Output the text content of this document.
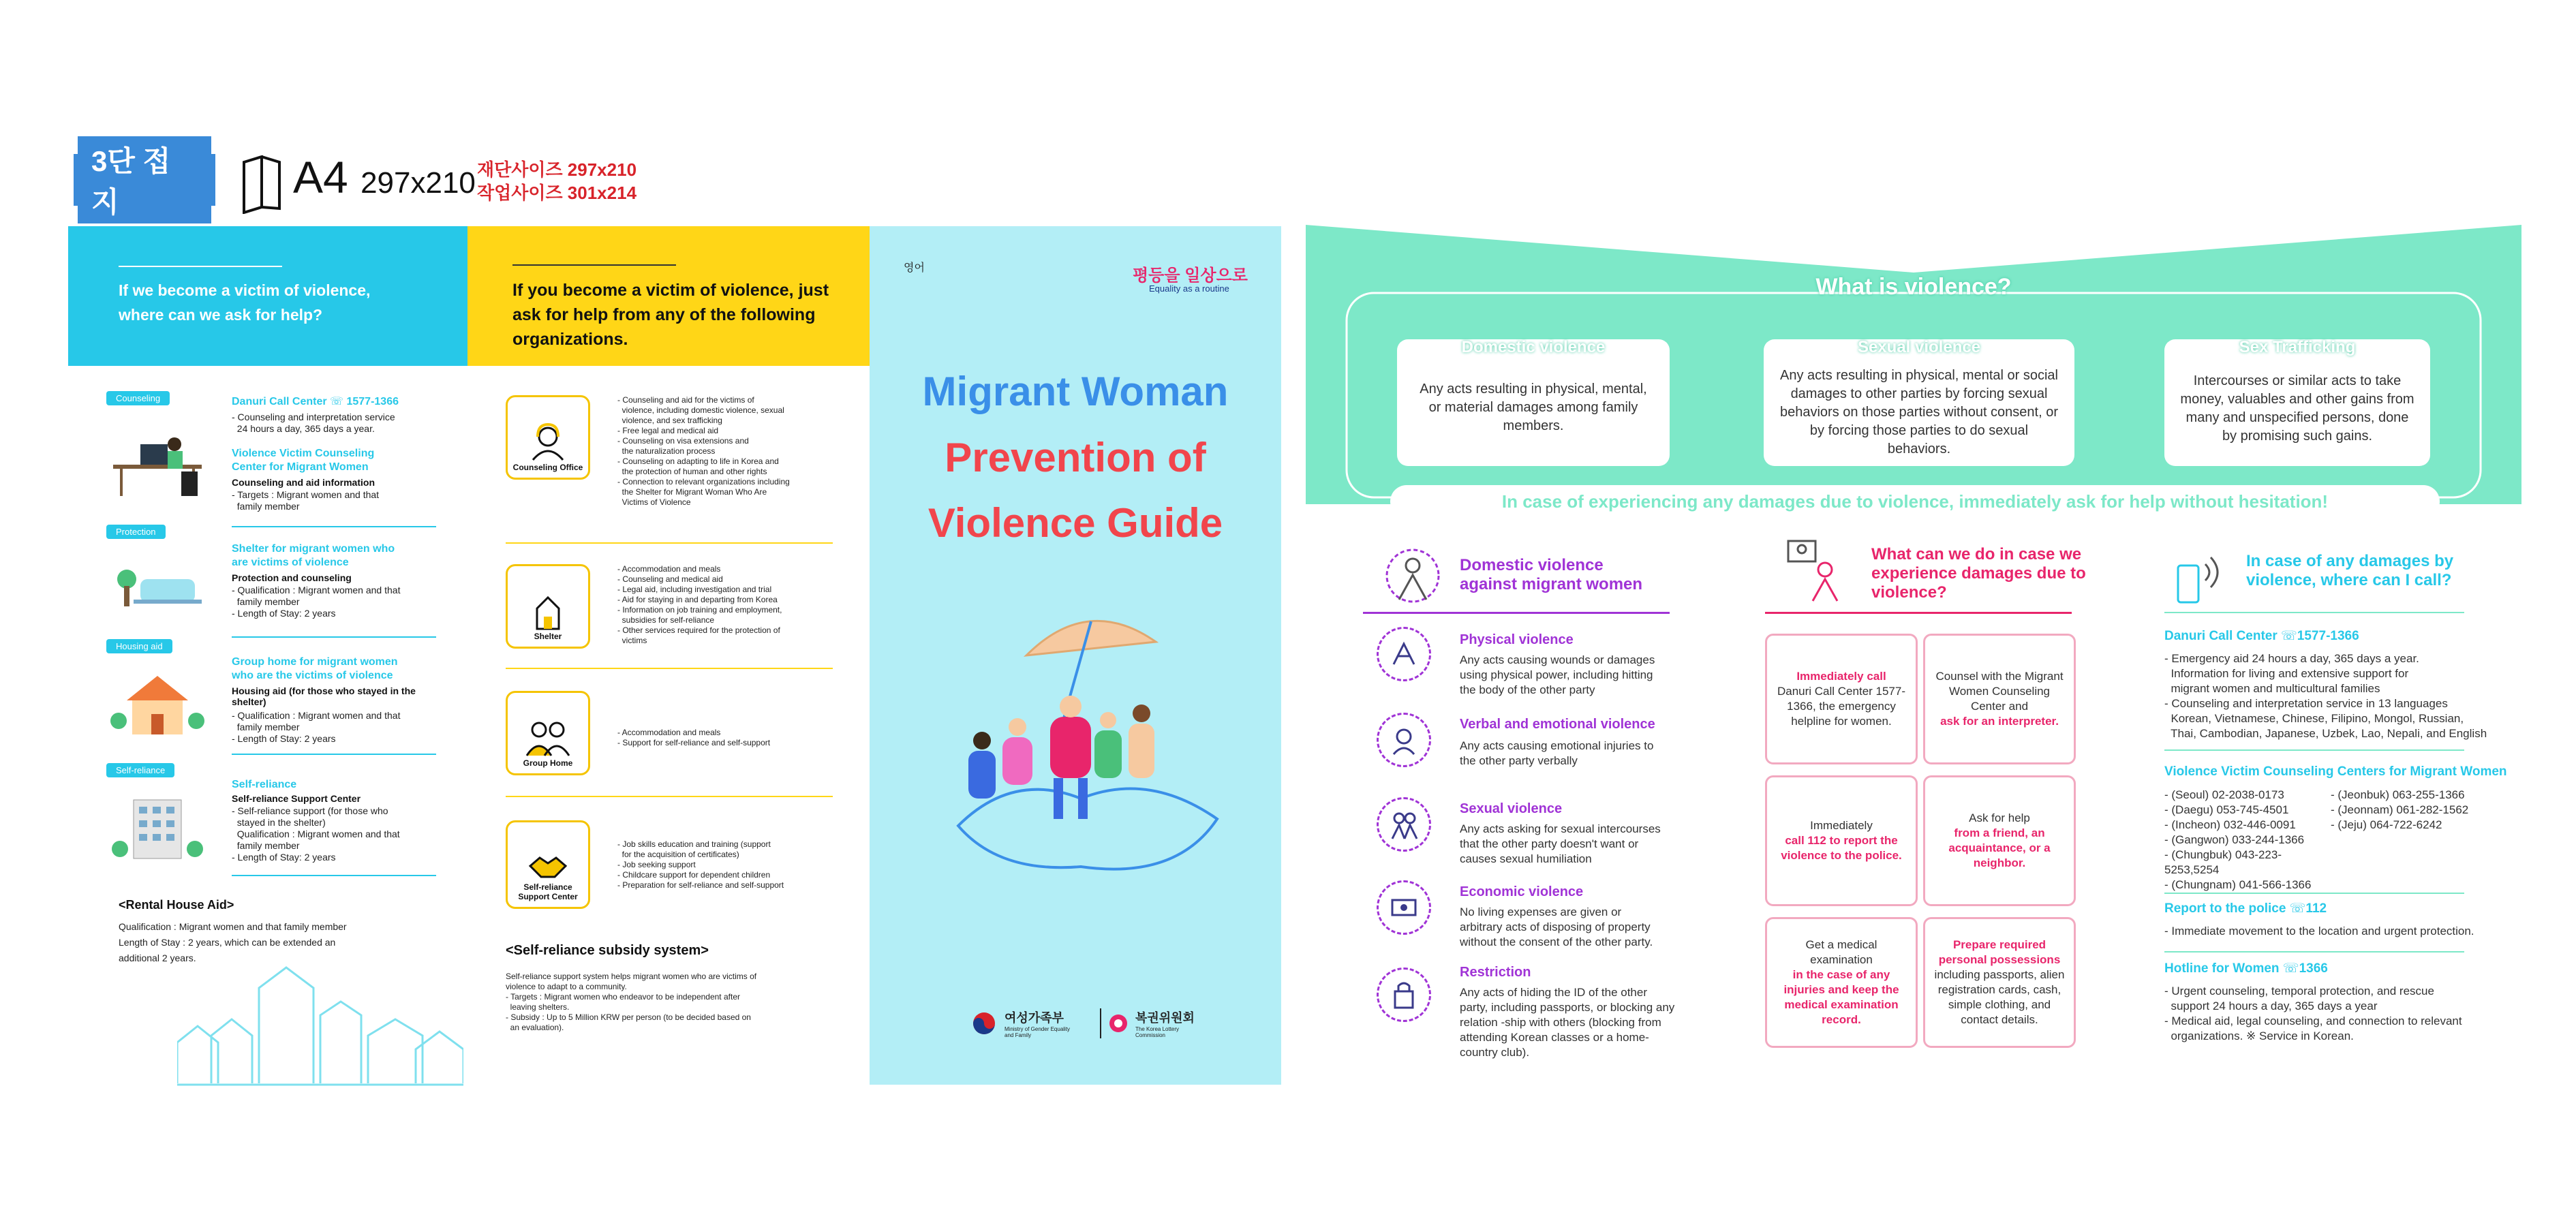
3단 접지	A4 297x210 재단사이즈 297x210
작업사이즈 301x214
If we become a victim of violence, where can we ask for help?
Counseling	Danuri Call Center ☏ 1577-1366
- Counseling and interpretation service
24 hours a day, 365 days a year.
Violence Victim Counseling Center for Migrant Women
Counseling and aid information
- Targets : Migrant women and that
family member
Protection
Shelter for migrant women who are victims of violence
Protection and counseling
- Qualification : Migrant women and that
family member
- Length of Stay: 2 years
Housing aid
Group home for migrant women who are the victims of violence
Housing aid (for those who stayed in the shelter)
- Qualification : Migrant women and that
family member
- Length of Stay: 2 years
Self-reliance
Self-reliance
Self-reliance Support Center
- Self-reliance support (for those who
stayed in the shelter)
Qualification : Migrant women and that
family member
- Length of Stay: 2 years
<Rental House Aid>
Qualification : Migrant women and that family member
Length of Stay : 2 years, which can be extended an
additional 2 years.
If you become a victim of violence, just ask for help from any of the following organizations.
Counseling Office
- Counseling and aid for the victims of
violence, including domestic violence, sexual
violence, and sex trafficking
- Free legal and medical aid
- Counseling on visa extensions and
the naturalization process
- Counseling on adapting to life in Korea and
the protection of human and other rights
- Connection to relevant organizations including
the Shelter for Migrant Woman Who Are
Victims of Violence
Shelter
- Accommodation and meals
- Counseling and medical aid
- Legal aid, including investigation and trial
- Aid for staying in and departing from Korea
- Information on job training and employment,
subsidies for self-reliance
- Other services required for the protection of
victims
Group Home
- Accommodation and meals
- Support for self-reliance and self-support
Self-reliance Support Center
- Job skills education and training (support
for the acquisition of certificates)
- Job seeking support
- Childcare support for dependent children
- Preparation for self-reliance and self-support
<Self-reliance subsidy system>
Self-reliance support system helps migrant women who are victims of
violence to adapt to a community.
- Targets : Migrant women who endeavor to be independent after
leaving shelters.
- Subsidy : Up to 5 Million KRW per person (to be decided based on
an evaluation).
영어	평등을 일상으로
Equality as a routine
Migrant Woman
Prevention of
Violence Guide
여성가족부
Ministry of Gender Equality and Family
복권위원회
The Korea Lottery Commission
What is violence?
Domestic violence
Any acts resulting in physical, mental, or material damages among family members.
Sexual violence
Any acts resulting in physical, mental or social damages to other parties by forcing sexual behaviors on those parties without consent, or by forcing those parties to do sexual behaviors.
Sex Trafficking
Intercourses or similar acts to take money, valuables and other gains from many and unspecified persons, done by promising such gains.
In case of experiencing any damages due to violence, immediately ask for help without hesitation!
Domestic violence against migrant women
Physical violence
Any acts causing wounds or damages using physical power, including hitting the body of the other party
Verbal and emotional violence
Any acts causing emotional injuries to the other party verbally
Sexual violence
Any acts asking for sexual intercourses that the other party doesn't want or causes sexual humiliation
Economic violence
No living expenses are given or arbitrary acts of disposing of property without the consent of the other party.
Restriction
Any acts of hiding the ID of the other party, including passports, or blocking any relation -ship with others (blocking from attending Korean classes or a home-country club).
What can we do in case we experience damages due to violence?
Immediately call
Danuri Call Center 1577-1366, the emergency helpline for women.
Counsel with the Migrant Women Counseling Center and
ask for an interpreter.
Immediately
call 112 to report the violence to the police.
Ask for help
from a friend, an acquaintance, or a neighbor.
Get a medical examination
in the case of any injuries and keep the medical examination record.
Prepare required personal possessions
including passports, alien registration cards, cash, simple clothing, and contact details.
In case of any damages by violence, where can I call?
Danuri Call Center ☏1577-1366
- Emergency aid 24 hours a day, 365 days a year.
Information for living and extensive support for
migrant women and multicultural families
- Counseling and interpretation service in 13 languages
Korean, Vietnamese, Chinese, Filipino, Mongol, Russian,
Thai, Cambodian, Japanese, Uzbek, Lao, Nepali, and English
Violence Victim Counseling Centers for Migrant Women
- (Seoul) 02-2038-0173
- (Daegu) 053-745-4501
- (Incheon) 032-446-0091
- (Gangwon) 033-244-1366
- (Chungbuk) 043-223-5253,5254
- (Chungnam) 041-566-1366
- (Jeonbuk) 063-255-1366
- (Jeonnam) 061-282-1562
- (Jeju) 064-722-6242
Report to the police ☏112
- Immediate movement to the location and urgent protection.
Hotline for Women ☏1366
- Urgent counseling, temporal protection, and rescue
support 24 hours a day, 365 days a year
- Medical aid, legal counseling, and connection to relevant
organizations. ※ Service in Korean.
